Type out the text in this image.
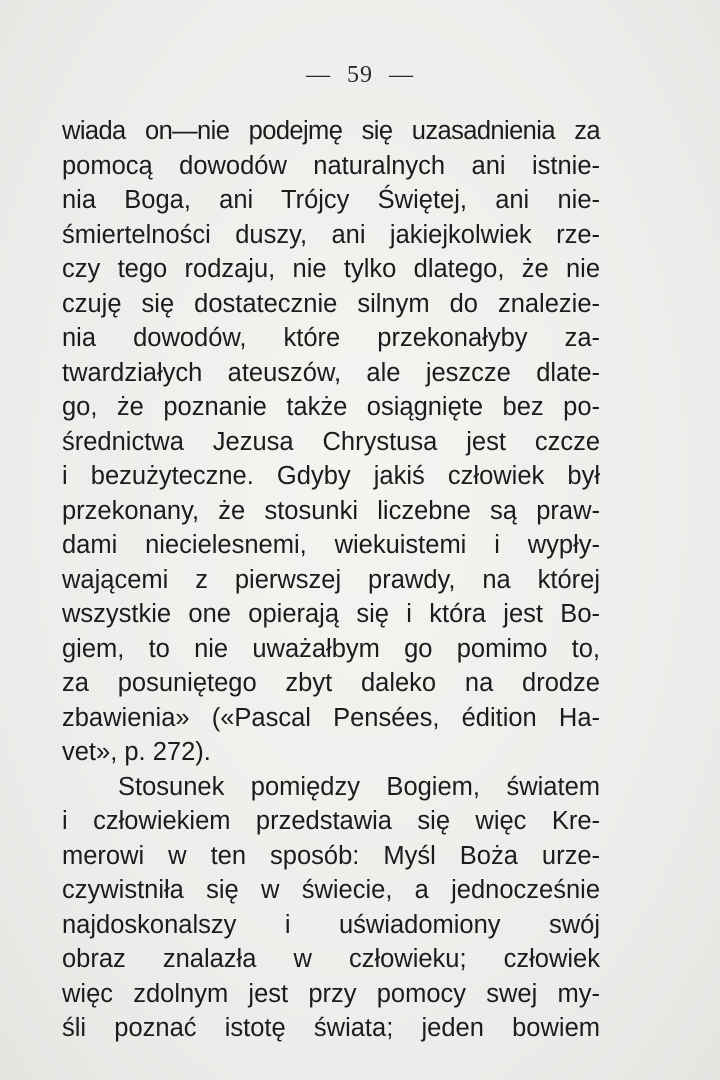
— 59 —
wiada on—nie podejmę się uzasadnienia za
pomocą dowodów naturalnych ani istnie-
nia Boga, ani Trójcy Świętej, ani nie-
śmiertelności duszy, ani jakiejkolwiek rze-
czy tego rodzaju, nie tylko dlatego, że nie
czuję się dostatecznie silnym do znalezie-
nia dowodów, które przekonałyby za-
twardziałych ateuszów, ale jeszcze dlate-
go, że poznanie także osiągnięte bez po-
średnictwa Jezusa Chrystusa jest czcze
i bezużyteczne. Gdyby jakiś człowiek był
przekonany, że stosunki liczebne są praw-
dami niecielesnemi, wiekuistemi i wypły-
wającemi z pierwszej prawdy, na której
wszystkie one opierają się i która jest Bo-
giem, to nie uważałbym go pomimo to,
za posuniętego zbyt daleko na drodze
zbawienia» («Pascal Pensées, édition Ha-
vet», p. 272).
Stosunek pomiędzy Bogiem, światem
i człowiekiem przedstawia się więc Kre-
merowi w ten sposób: Myśl Boża urze-
czywistniła się w świecie, a jednocześnie
najdoskonalszy i uświadomiony swój
obraz znalazła w człowieku; człowiek
więc zdolnym jest przy pomocy swej my-
śli poznać istotę świata; jeden bowiem
